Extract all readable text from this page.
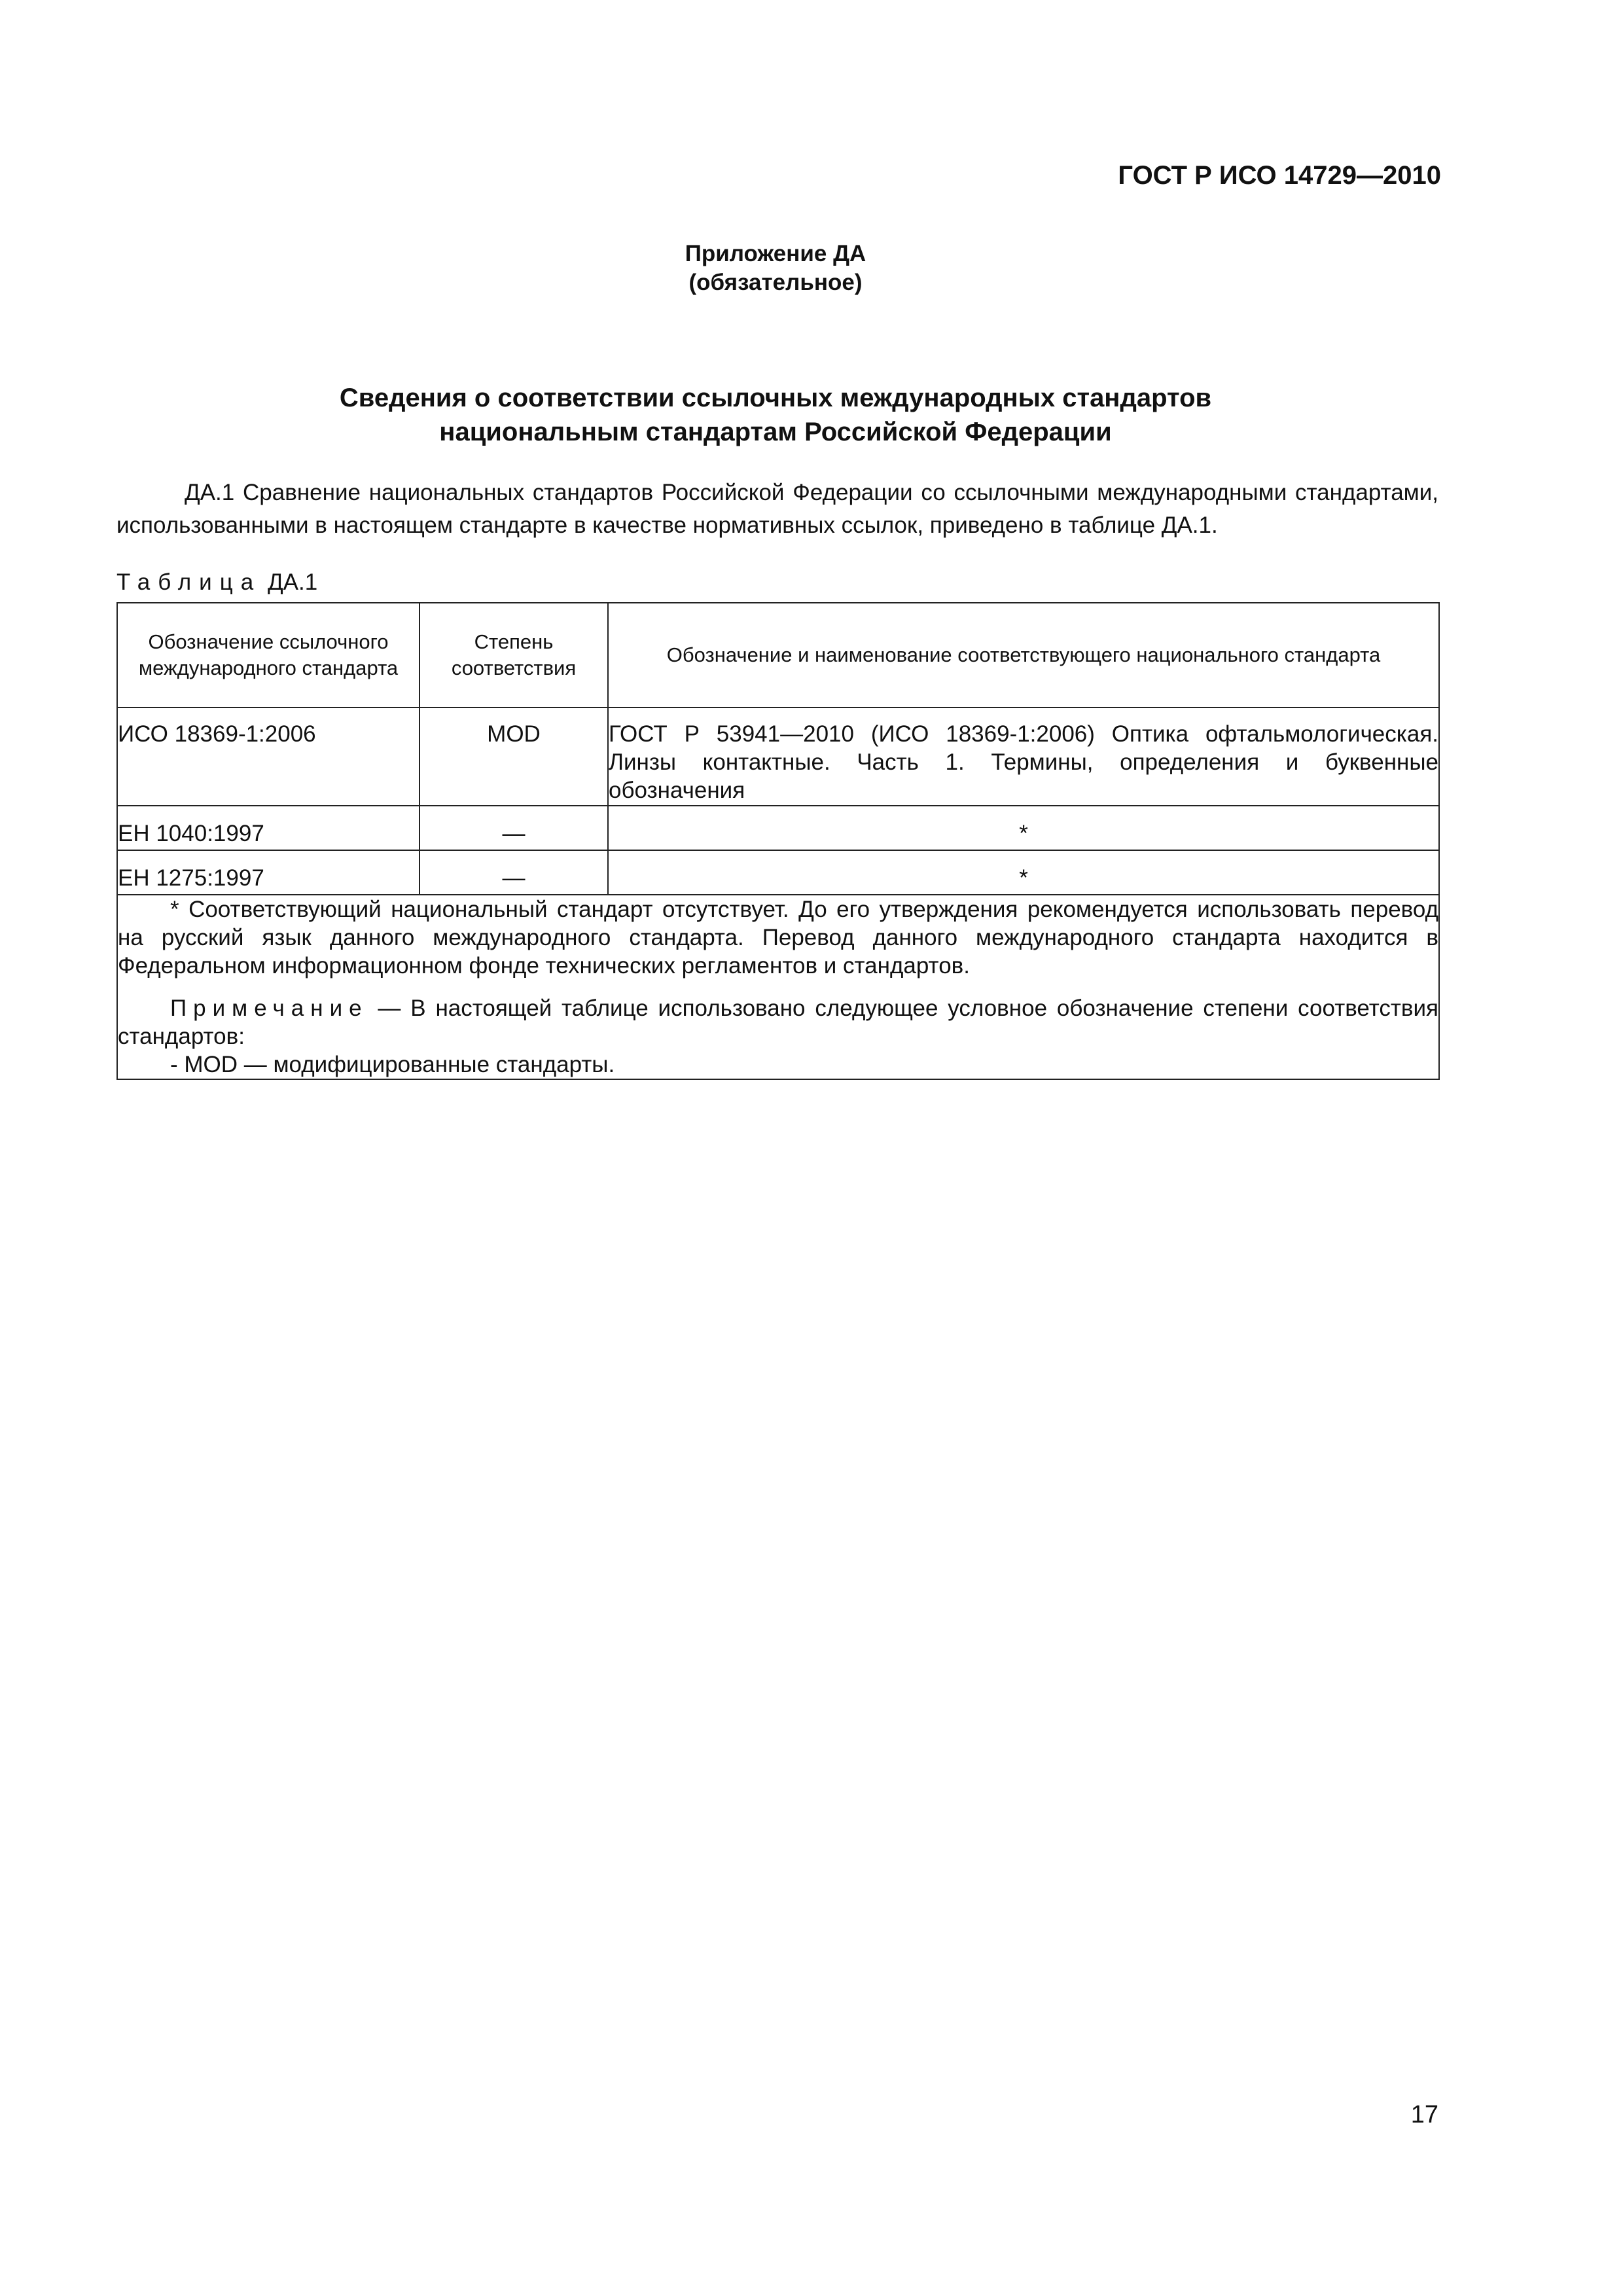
ГОСТ Р ИСО 14729—2010
Приложение ДА
(обязательное)
Сведения о соответствии ссылочных международных стандартов
национальным стандартам Российской Федерации
ДА.1 Сравнение национальных стандартов Российской Федерации со ссылочными международными стандартами, использованными в настоящем стандарте в качестве нормативных ссылок, приведено в таблице ДА.1.
Таблица ДА.1
Обозначение ссылочного международного стандарта	Степень соответствия	Обозначение и наименование соответствующего национального стандарта
ИСО 18369-1:2006	MOD	ГОСТ Р 53941—2010 (ИСО 18369-1:2006) Оптика офтальмологическая. Линзы контактные. Часть 1. Термины, определения и буквенные обозначения
ЕН 1040:1997	—	*
ЕН 1275:1997	—	*

* Соответствующий национальный стандарт отсутствует. До его утверждения рекомендуется использовать перевод на русский язык данного международного стандарта. Перевод данного международного стандарта находится в Федеральном информационном фонде технических регламентов и стандартов.
Примечание — В настоящей таблице использовано следующее условное обозначение степени соответствия стандартов:
- MOD — модифицированные стандарты.		
17
